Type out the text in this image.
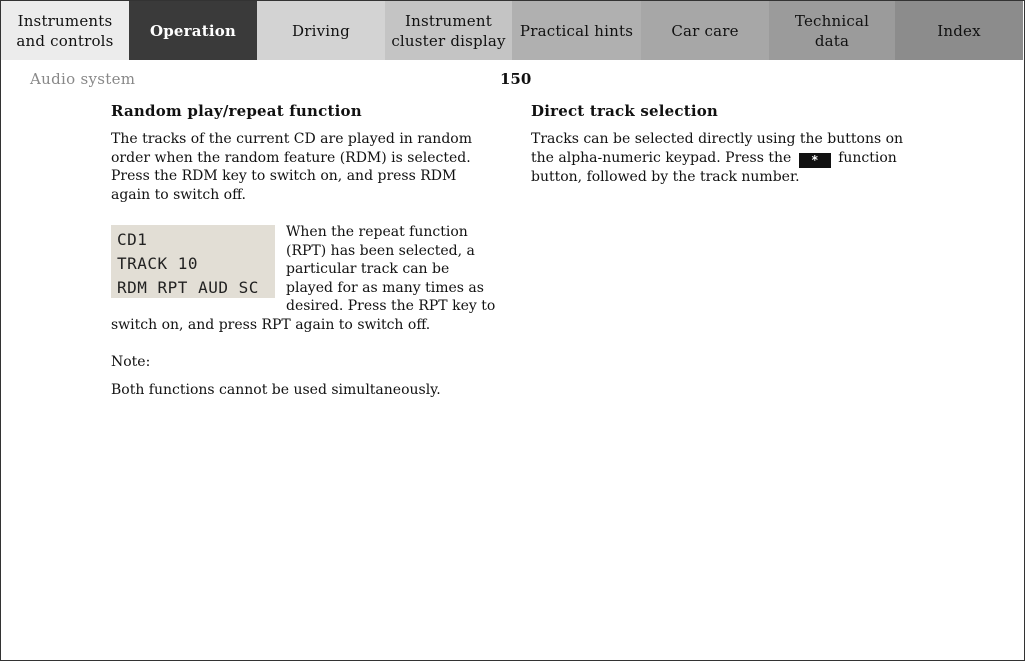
Instruments
and controls
Operation	Driving
Instrument
cluster display
Practical hints	Car care
Technical
data
Index
Audio system	150
Random play/repeat function

The tracks of the current CD are played in random order when the random feature (RDM) is selected. Press the RDM key to switch on, and press RDM again to switch off.

CD1
TRACK 10
RDM RPT AUD SC

When the repeat function (RPT) has been selected, a particular track can be played for as many times as desired. Press the RPT key to switch on, and press RPT again to switch off.

Note:

Both functions cannot be used simultaneously.

Direct track selection

Tracks can be selected directly using the buttons on the alpha-numeric keypad. Press the * function button, followed by the track number.
